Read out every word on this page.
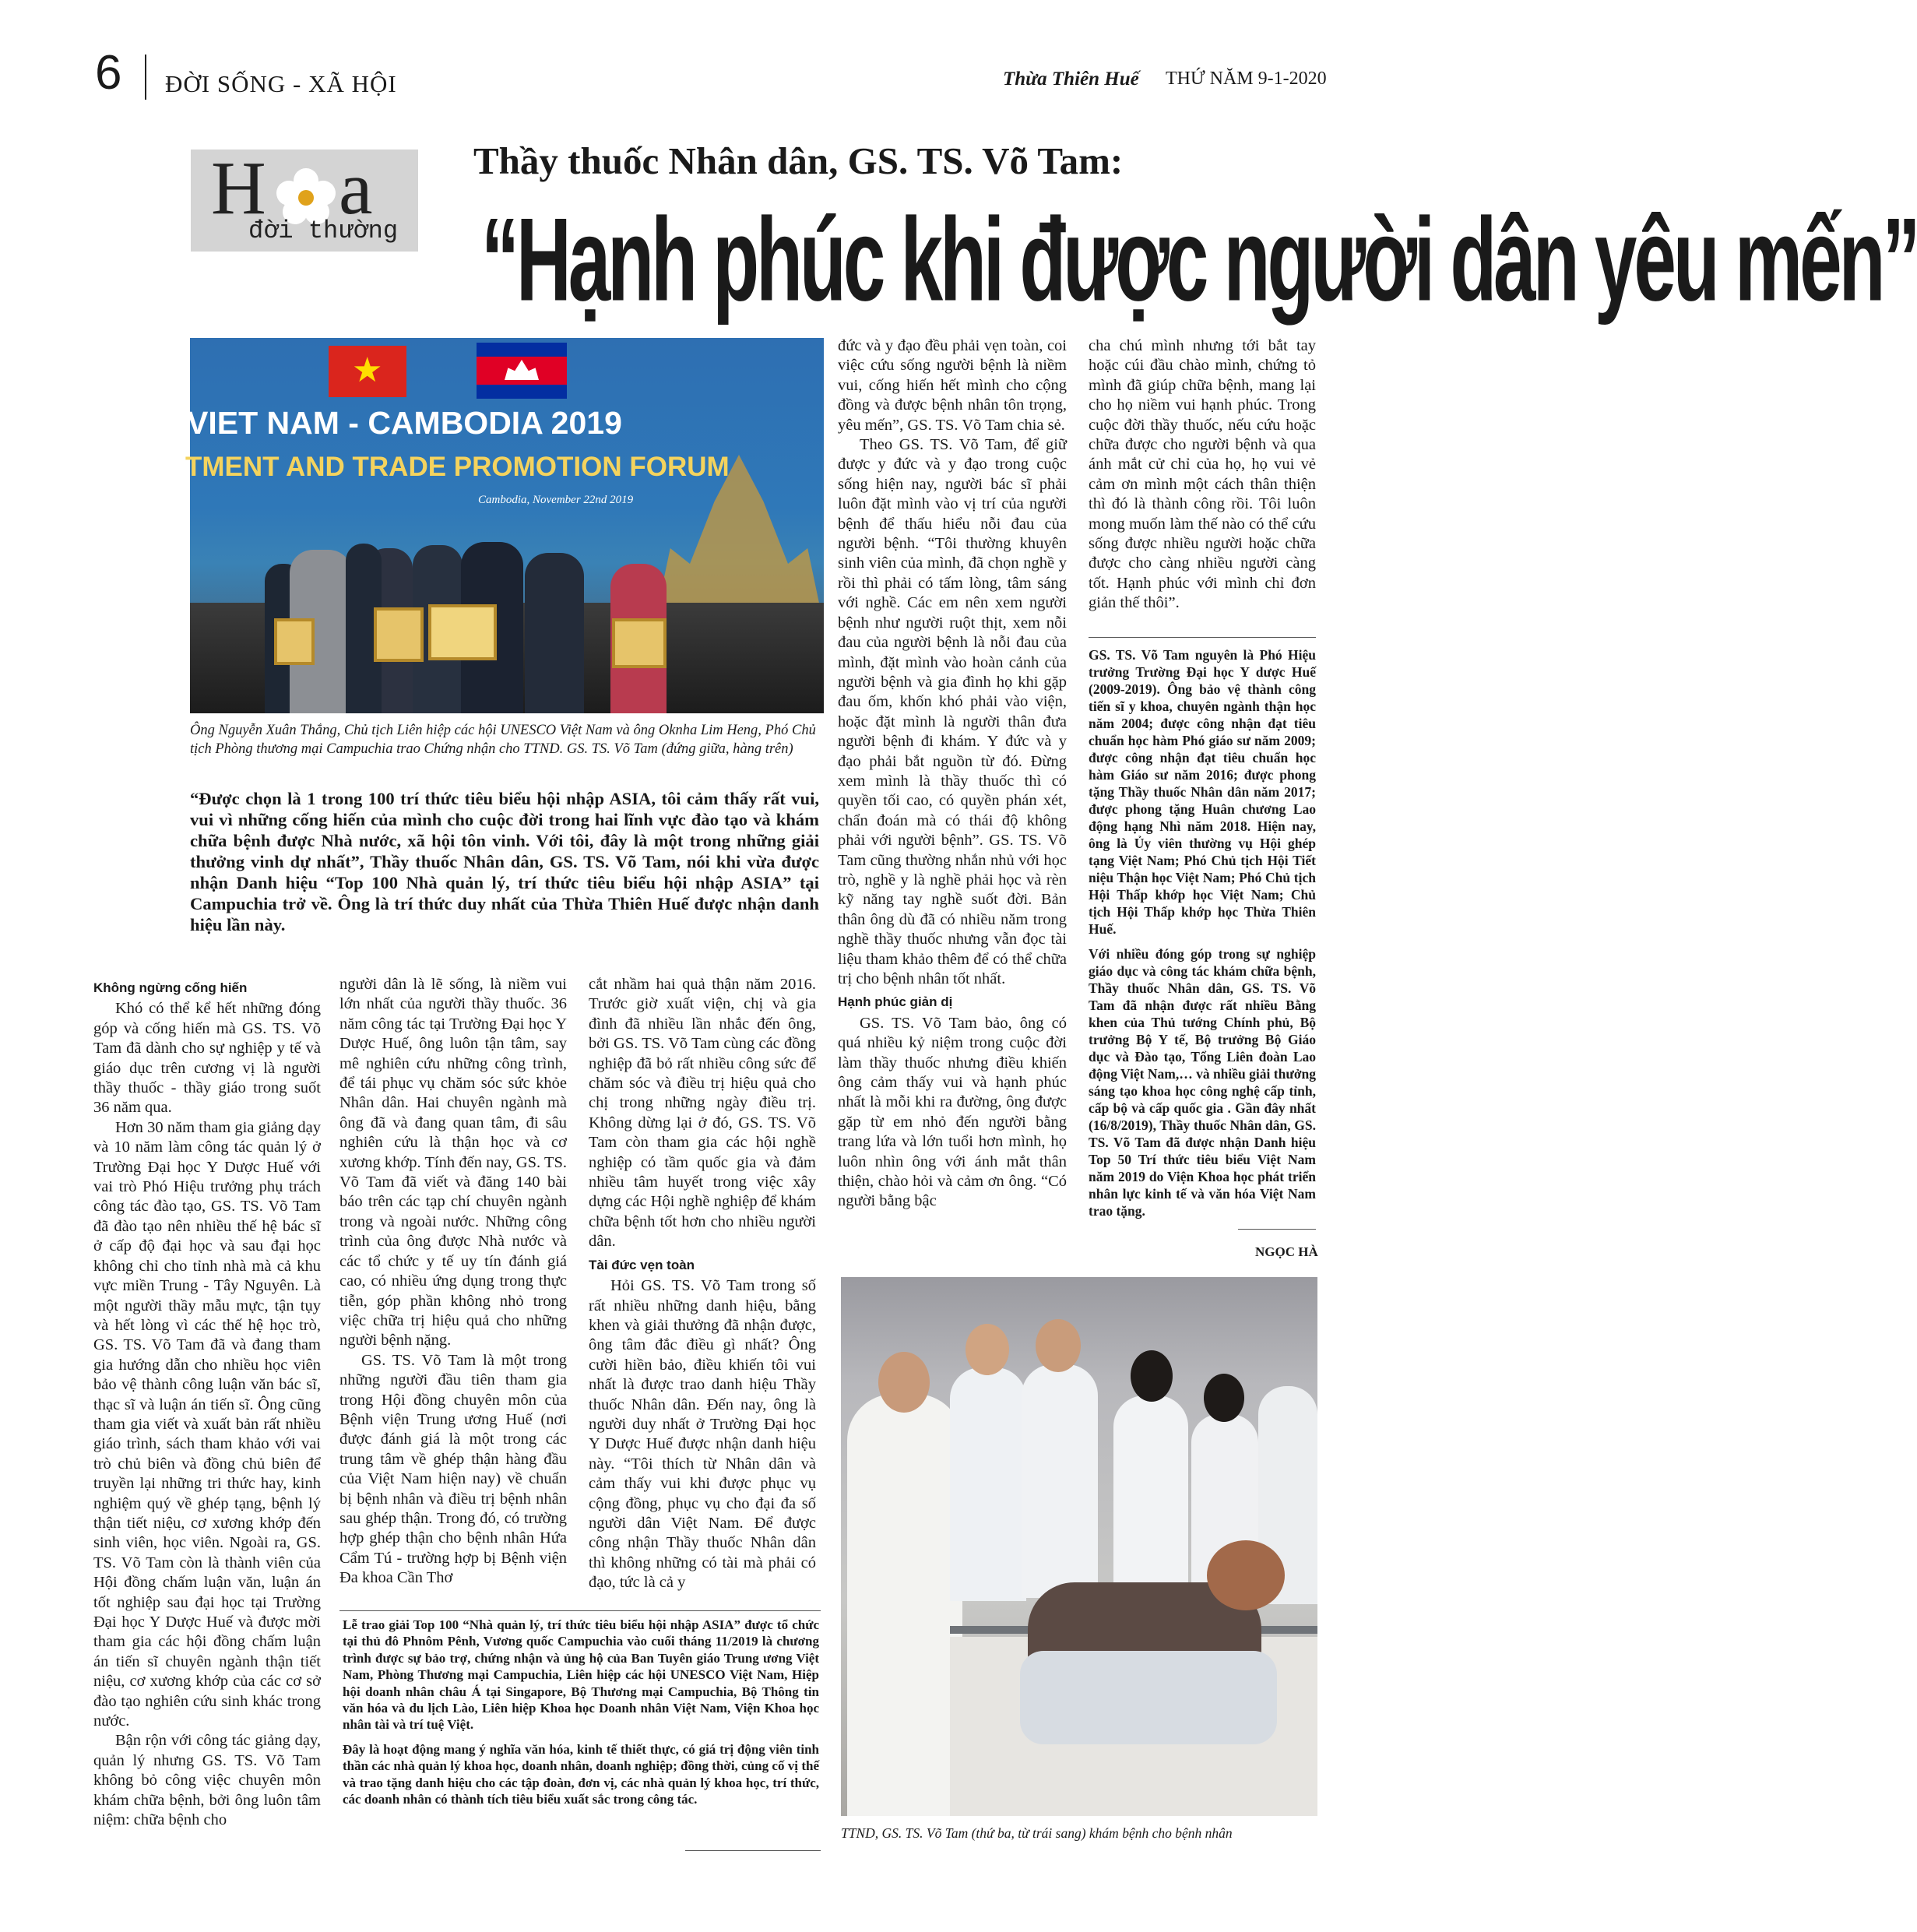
6 ĐỜI SỐNG - XÃ HỘI	Thừa Thiên Huế THỨ NĂM 9-1-2020
H a
đời thường
Thầy thuốc Nhân dân, GS. TS. Võ Tam:
“Hạnh phúc khi được người dân yêu mến”
★
VIET NAM - CAMBODIA 2019
TMENT AND TRADE PROMOTION FORUM
Cambodia, November 22nd 2019
Ông Nguyễn Xuân Thắng, Chủ tịch Liên hiệp các hội UNESCO Việt Nam và ông Oknha Lim Heng, Phó Chủ tịch Phòng thương mại Campuchia trao Chứng nhận cho TTND. GS. TS. Võ Tam (đứng giữa, hàng trên)
“Được chọn là 1 trong 100 trí thức tiêu biểu hội nhập ASIA, tôi cảm thấy rất vui, vui vì những cống hiến của mình cho cuộc đời trong hai lĩnh vực đào tạo và khám chữa bệnh được Nhà nước, xã hội tôn vinh. Với tôi, đây là một trong những giải thưởng vinh dự nhất”, Thầy thuốc Nhân dân, GS. TS. Võ Tam, nói khi vừa được nhận Danh hiệu “Top 100 Nhà quản lý, trí thức tiêu biểu hội nhập ASIA” tại Campuchia trở về. Ông là trí thức duy nhất của Thừa Thiên Huế được nhận danh hiệu lần này.

Không ngừng cống hiến

Khó có thể kể hết những đóng góp và cống hiến mà GS. TS. Võ Tam đã dành cho sự nghiệp y tế và giáo dục trên cương vị là người thầy thuốc - thầy giáo trong suốt 36 năm qua.

Hơn 30 năm tham gia giảng dạy và 10 năm làm công tác quản lý ở Trường Đại học Y Dược Huế với vai trò Phó Hiệu trưởng phụ trách công tác đào tạo, GS. TS. Võ Tam đã đào tạo nên nhiều thế hệ bác sĩ ở cấp độ đại học và sau đại học không chỉ cho tỉnh nhà mà cả khu vực miền Trung - Tây Nguyên. Là một người thầy mẫu mực, tận tụy và hết lòng vì các thế hệ học trò, GS. TS. Võ Tam đã và đang tham gia hướng dẫn cho nhiều học viên bảo vệ thành công luận văn bác sĩ, thạc sĩ và luận án tiến sĩ. Ông cũng tham gia viết và xuất bản rất nhiều giáo trình, sách tham khảo với vai trò chủ biên và đồng chủ biên để truyền lại những tri thức hay, kinh nghiệm quý về ghép tạng, bệnh lý thận tiết niệu, cơ xương khớp đến sinh viên, học viên. Ngoài ra, GS. TS. Võ Tam còn là thành viên của Hội đồng chấm luận văn, luận án tốt nghiệp sau đại học tại Trường Đại học Y Dược Huế và được mời tham gia các hội đồng chấm luận án tiến sĩ chuyên ngành thận tiết niệu, cơ xương khớp của các cơ sở đào tạo nghiên cứu sinh khác trong nước.

Bận rộn với công tác giảng dạy, quản lý nhưng GS. TS. Võ Tam không bỏ công việc chuyên môn khám chữa bệnh, bởi ông luôn tâm niệm: chữa bệnh cho

người dân là lẽ sống, là niềm vui lớn nhất của người thầy thuốc. 36 năm công tác tại Trường Đại học Y Dược Huế, ông luôn tận tâm, say mê nghiên cứu những công trình, để tái phục vụ chăm sóc sức khỏe Nhân dân. Hai chuyên ngành mà ông đã và đang quan tâm, đi sâu nghiên cứu là thận học và cơ xương khớp. Tính đến nay, GS. TS. Võ Tam đã viết và đăng 140 bài báo trên các tạp chí chuyên ngành trong và ngoài nước. Những công trình của ông được Nhà nước và các tổ chức y tế uy tín đánh giá cao, có nhiều ứng dụng trong thực tiễn, góp phần không nhỏ trong việc chữa trị hiệu quả cho những người bệnh nặng.

GS. TS. Võ Tam là một trong những người đầu tiên tham gia trong Hội đồng chuyên môn của Bệnh viện Trung ương Huế (nơi được đánh giá là một trong các trung tâm về ghép thận hàng đầu của Việt Nam hiện nay) về chuẩn bị bệnh nhân và điều trị bệnh nhân sau ghép thận. Trong đó, có trường hợp ghép thận cho bệnh nhân Hứa Cẩm Tú - trường hợp bị Bệnh viện Đa khoa Cần Thơ

cắt nhầm hai quả thận năm 2016. Trước giờ xuất viện, chị và gia đình đã nhiều lần nhắc đến ông, bởi GS. TS. Võ Tam cùng các đồng nghiệp đã bỏ rất nhiều công sức để chăm sóc và điều trị hiệu quả cho chị trong những ngày điều trị. Không dừng lại ở đó, GS. TS. Võ Tam còn tham gia các hội nghề nghiệp có tầm quốc gia và đảm nhiều tâm huyết trong việc xây dựng các Hội nghề nghiệp để khám chữa bệnh tốt hơn cho nhiều người dân.

Tài đức vẹn toàn

Hỏi GS. TS. Võ Tam trong số rất nhiều những danh hiệu, bằng khen và giải thưởng đã nhận được, ông tâm đắc điều gì nhất? Ông cười hiền bảo, điều khiến tôi vui nhất là được trao danh hiệu Thầy thuốc Nhân dân. Đến nay, ông là người duy nhất ở Trường Đại học Y Dược Huế được nhận danh hiệu này. “Tôi thích từ Nhân dân và cảm thấy vui khi được phục vụ cộng đồng, phục vụ cho đại đa số người dân Việt Nam. Để được công nhận Thầy thuốc Nhân dân thì không những có tài mà phải có đạo, tức là cả y

đức và y đạo đều phải vẹn toàn, coi việc cứu sống người bệnh là niềm vui, cống hiến hết mình cho cộng đồng và được bệnh nhân tôn trọng, yêu mến”, GS. TS. Võ Tam chia sẻ.

Theo GS. TS. Võ Tam, để giữ được y đức và y đạo trong cuộc sống hiện nay, người bác sĩ phải luôn đặt mình vào vị trí của người bệnh để thấu hiểu nỗi đau của người bệnh. “Tôi thường khuyên sinh viên của mình, đã chọn nghề y rồi thì phải có tấm lòng, tâm sáng với nghề. Các em nên xem người bệnh như người ruột thịt, xem nỗi đau của người bệnh là nỗi đau của mình, đặt mình vào hoàn cảnh của người bệnh và gia đình họ khi gặp đau ốm, khốn khó phải vào viện, hoặc đặt mình là người thân đưa người bệnh đi khám. Y đức và y đạo phải bắt nguồn từ đó. Đừng xem mình là thầy thuốc thì có quyền tối cao, có quyền phán xét, chẩn đoán mà có thái độ không phải với người bệnh”. GS. TS. Võ Tam cũng thường nhắn nhủ với học trò, nghề y là nghề phải học và rèn kỹ năng tay nghề suốt đời. Bản thân ông dù đã có nhiều năm trong nghề thầy thuốc nhưng vẫn đọc tài liệu tham khảo thêm để có thể chữa trị cho bệnh nhân tốt nhất.

Hạnh phúc giản dị

GS. TS. Võ Tam bảo, ông có quá nhiều kỷ niệm trong cuộc đời làm thầy thuốc nhưng điều khiến ông cảm thấy vui và hạnh phúc nhất là mỗi khi ra đường, ông được gặp từ em nhỏ đến người bằng trang lứa và lớn tuổi hơn mình, họ luôn nhìn ông với ánh mắt thân thiện, chào hỏi và cảm ơn ông. “Có người bằng bậc

cha chú mình nhưng tới bắt tay hoặc cúi đầu chào mình, chứng tỏ mình đã giúp chữa bệnh, mang lại cho họ niềm vui hạnh phúc. Trong cuộc đời thầy thuốc, nếu cứu hoặc chữa được cho người bệnh và qua ánh mắt cử chỉ của họ, họ vui vẻ cảm ơn mình một cách thân thiện thì đó là thành công rồi. Tôi luôn mong muốn làm thế nào có thể cứu sống được nhiều người hoặc chữa được cho càng nhiều người càng tốt. Hạnh phúc với mình chỉ đơn giản thế thôi”.

GS. TS. Võ Tam nguyên là Phó Hiệu trưởng Trường Đại học Y dược Huế (2009-2019). Ông bảo vệ thành công tiến sĩ y khoa, chuyên ngành thận học năm 2004; được công nhận đạt tiêu chuẩn học hàm Phó giáo sư năm 2009; được công nhận đạt tiêu chuẩn học hàm Giáo sư năm 2016; được phong tặng Thầy thuốc Nhân dân năm 2017; được phong tặng Huân chương Lao động hạng Nhì năm 2018. Hiện nay, ông là Ủy viên thường vụ Hội ghép tạng Việt Nam; Phó Chủ tịch Hội Tiết niệu Thận học Việt Nam; Phó Chủ tịch Hội Thấp khớp học Việt Nam; Chủ tịch Hội Thấp khớp học Thừa Thiên Huế.

Với nhiều đóng góp trong sự nghiệp giáo dục và công tác khám chữa bệnh, Thầy thuốc Nhân dân, GS. TS. Võ Tam đã nhận được rất nhiều Bằng khen của Thủ tướng Chính phủ, Bộ trưởng Bộ Y tế, Bộ trưởng Bộ Giáo dục và Đào tạo, Tổng Liên đoàn Lao động Việt Nam,… và nhiều giải thưởng sáng tạo khoa học công nghệ cấp tỉnh, cấp bộ và cấp quốc gia . Gần đây nhất (16/8/2019), Thầy thuốc Nhân dân, GS. TS. Võ Tam đã được nhận Danh hiệu Top 50 Trí thức tiêu biểu Việt Nam năm 2019 do Viện Khoa học phát triển nhân lực kinh tế và văn hóa Việt Nam trao tặng.

NGỌC HÀ

Lễ trao giải Top 100 “Nhà quản lý, trí thức tiêu biểu hội nhập ASIA” được tổ chức tại thủ đô Phnôm Pênh, Vương quốc Campuchia vào cuối tháng 11/2019 là chương trình được sự bảo trợ, chứng nhận và ủng hộ của Ban Tuyên giáo Trung ương Việt Nam, Phòng Thương mại Campuchia, Liên hiệp các hội UNESCO Việt Nam, Hiệp hội doanh nhân châu Á tại Singapore, Bộ Thương mại Campuchia, Bộ Thông tin văn hóa và du lịch Lào, Liên hiệp Khoa học Doanh nhân Việt Nam, Viện Khoa học nhân tài và trí tuệ Việt.

Đây là hoạt động mang ý nghĩa văn hóa, kinh tế thiết thực, có giá trị động viên tinh thần các nhà quản lý khoa học, doanh nhân, doanh nghiệp; đồng thời, củng cố vị thế và trao tặng danh hiệu cho các tập đoàn, đơn vị, các nhà quản lý khoa học, trí thức, các doanh nhân có thành tích tiêu biểu xuất sắc trong công tác.

TTND, GS. TS. Võ Tam (thứ ba, từ trái sang) khám bệnh cho bệnh nhân
